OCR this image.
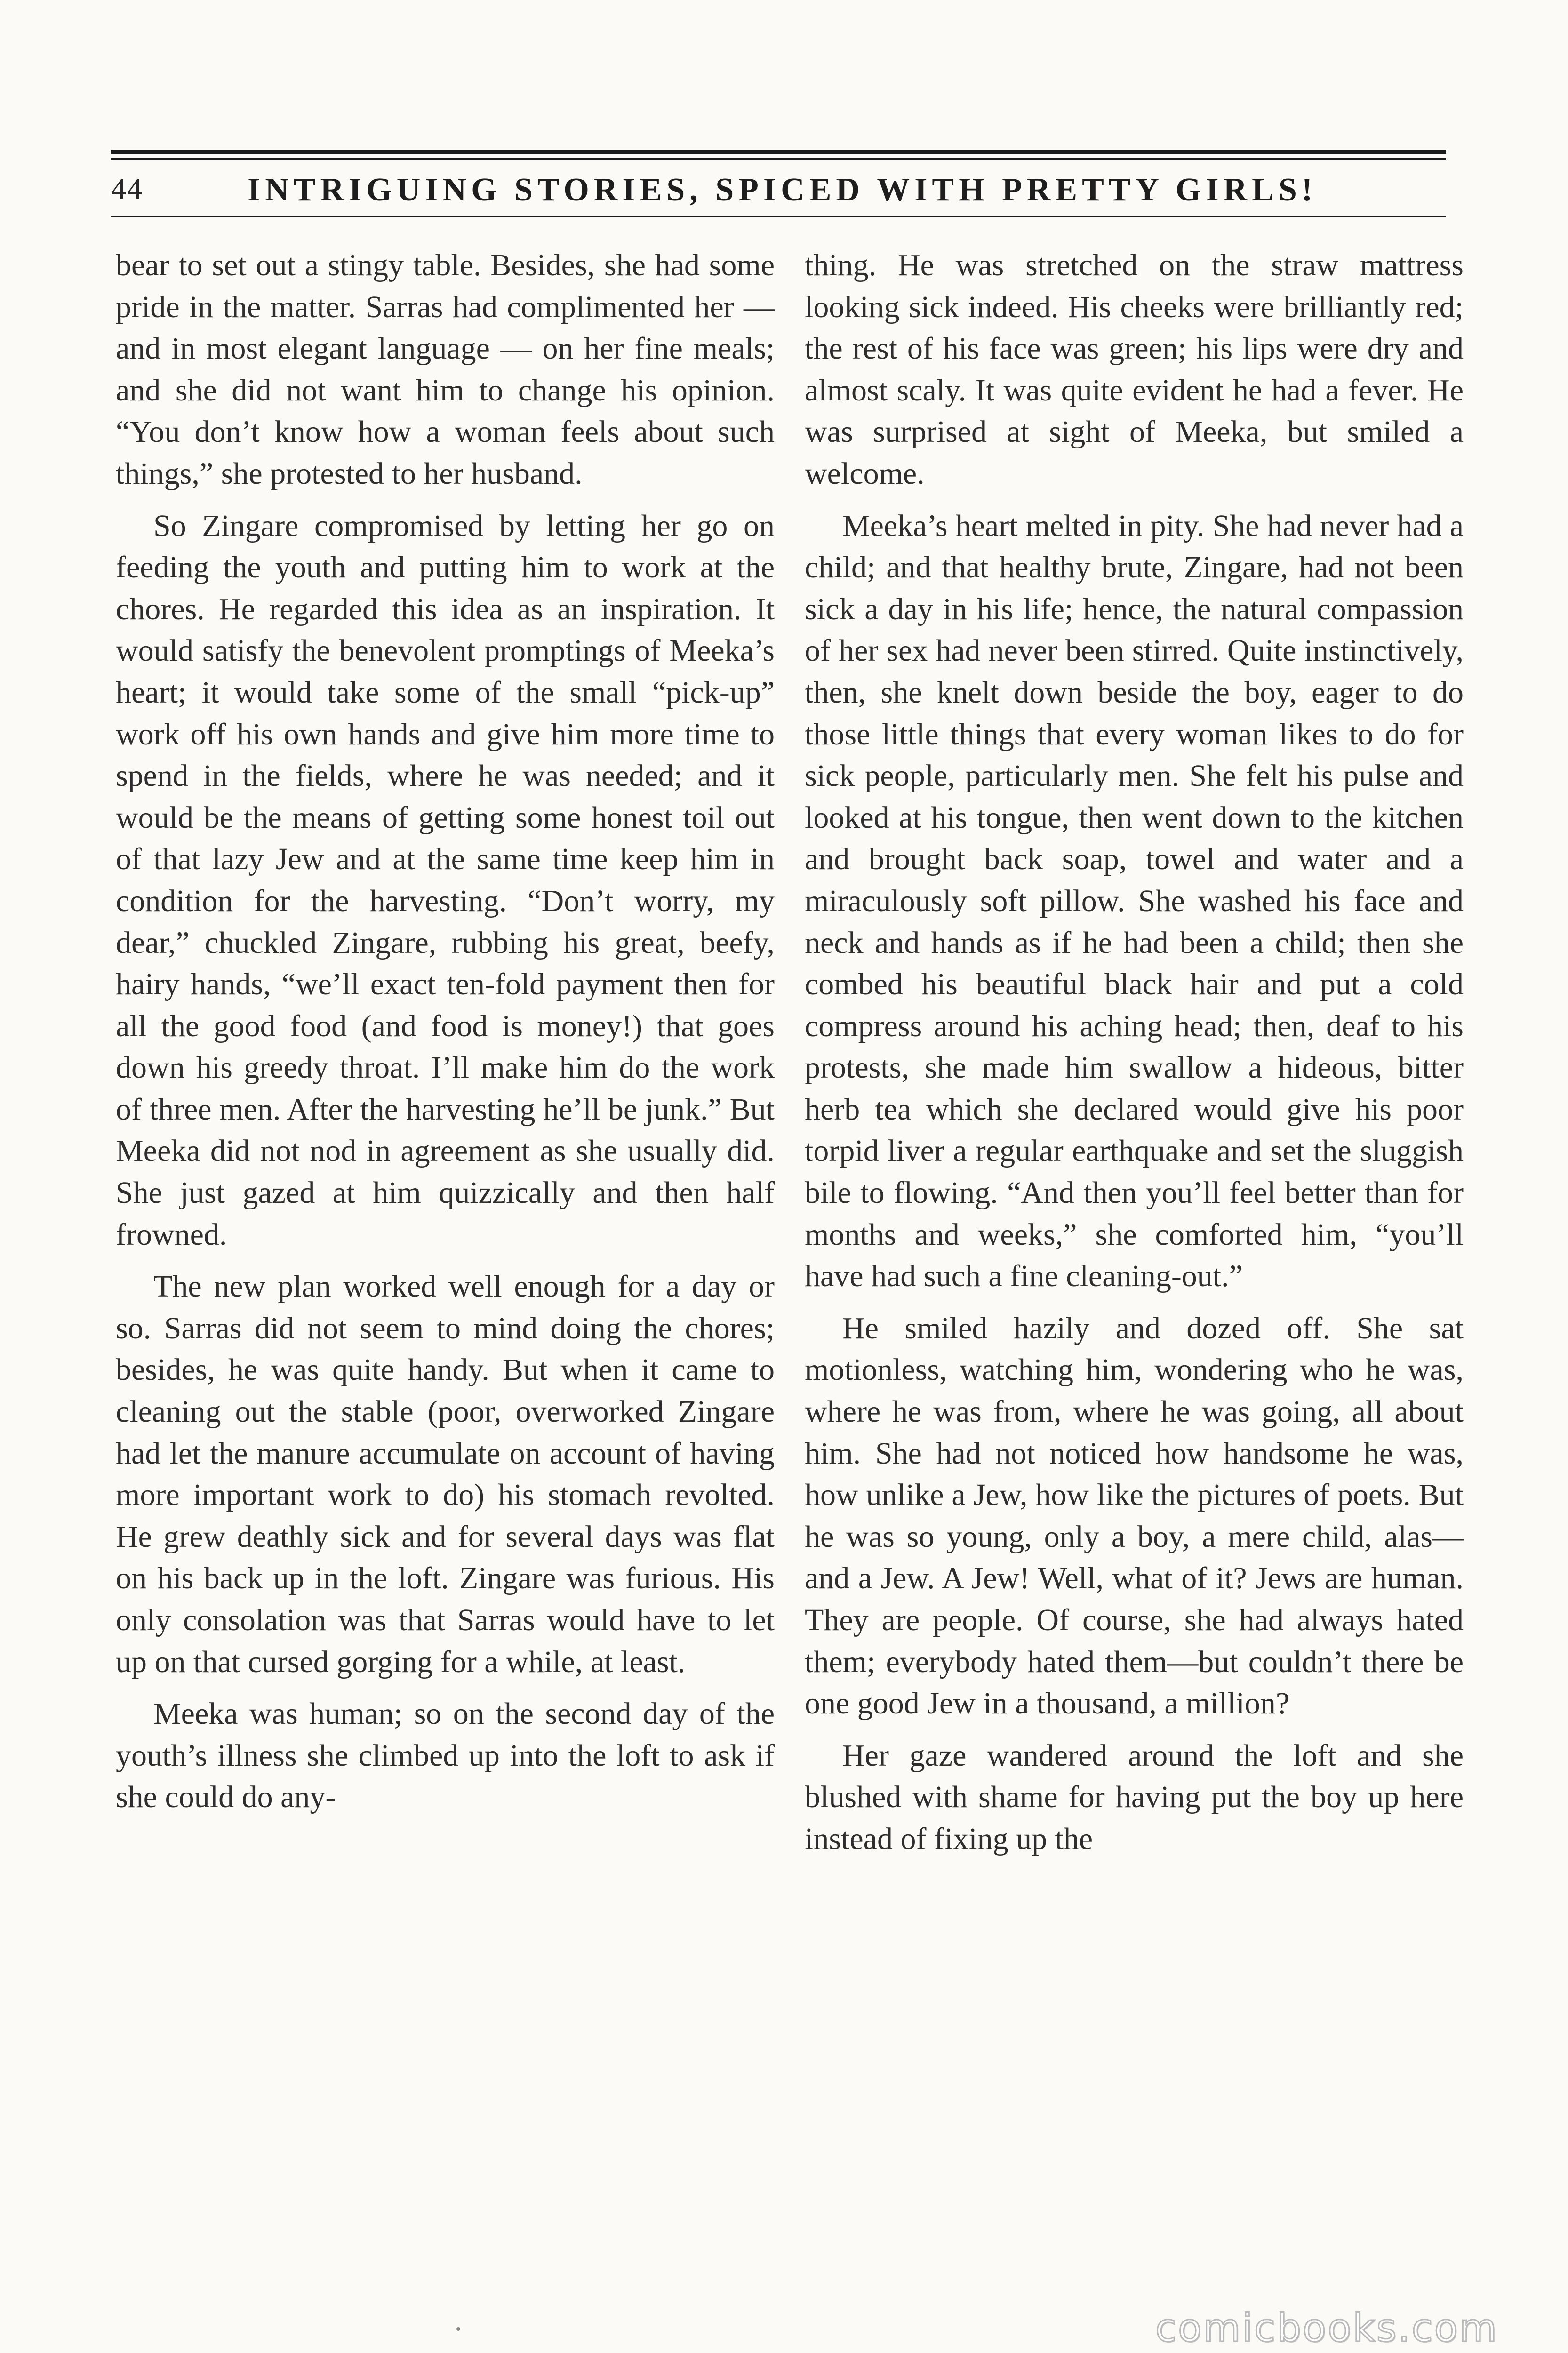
44	INTRIGUING STORIES, SPICED WITH PRETTY GIRLS!

bear to set out a stingy table. Besides, she had some pride in the matter. Sarras had complimented her — and in most elegant language — on her fine meals; and she did not want him to change his opinion. “You don’t know how a woman feels about such things,” she protested to her husband.

So Zingare compromised by letting her go on feeding the youth and putting him to work at the chores. He regarded this idea as an inspiration. It would satisfy the benevolent promptings of Meeka’s heart; it would take some of the small “pick-up” work off his own hands and give him more time to spend in the fields, where he was needed; and it would be the means of getting some honest toil out of that lazy Jew and at the same time keep him in condition for the harvesting. “Don’t worry, my dear,” chuckled Zingare, rubbing his great, beefy, hairy hands, “we’ll exact ten-fold payment then for all the good food (and food is money!) that goes down his greedy throat. I’ll make him do the work of three men. After the harvesting he’ll be junk.” But Meeka did not nod in agreement as she usually did. She just gazed at him quizzically and then half frowned.

The new plan worked well enough for a day or so. Sarras did not seem to mind doing the chores; besides, he was quite handy. But when it came to cleaning out the stable (poor, overworked Zingare had let the manure accumulate on account of having more important work to do) his stomach revolted. He grew deathly sick and for several days was flat on his back up in the loft. Zingare was furious. His only consolation was that Sarras would have to let up on that cursed gorging for a while, at least.

Meeka was human; so on the second day of the youth’s illness she climbed up into the loft to ask if she could do any-

thing. He was stretched on the straw mattress looking sick indeed. His cheeks were brilliantly red; the rest of his face was green; his lips were dry and almost scaly. It was quite evident he had a fever. He was surprised at sight of Meeka, but smiled a welcome.

Meeka’s heart melted in pity. She had never had a child; and that healthy brute, Zingare, had not been sick a day in his life; hence, the natural compassion of her sex had never been stirred. Quite instinctively, then, she knelt down beside the boy, eager to do those little things that every woman likes to do for sick people, particularly men. She felt his pulse and looked at his tongue, then went down to the kitchen and brought back soap, towel and water and a miraculously soft pillow. She washed his face and neck and hands as if he had been a child; then she combed his beautiful black hair and put a cold compress around his aching head; then, deaf to his protests, she made him swallow a hideous, bitter herb tea which she declared would give his poor torpid liver a regular earthquake and set the sluggish bile to flowing. “And then you’ll feel better than for months and weeks,” she comforted him, “you’ll have had such a fine cleaning-out.”

He smiled hazily and dozed off. She sat motionless, watching him, wondering who he was, where he was from, where he was going, all about him. She had not noticed how handsome he was, how unlike a Jew, how like the pictures of poets. But he was so young, only a boy, a mere child, alas—and a Jew. A Jew! Well, what of it? Jews are human. They are people. Of course, she had always hated them; everybody hated them—but couldn’t there be one good Jew in a thousand, a million?

Her gaze wandered around the loft and she blushed with shame for having put the boy up here instead of fixing up the

comicbooks.com
